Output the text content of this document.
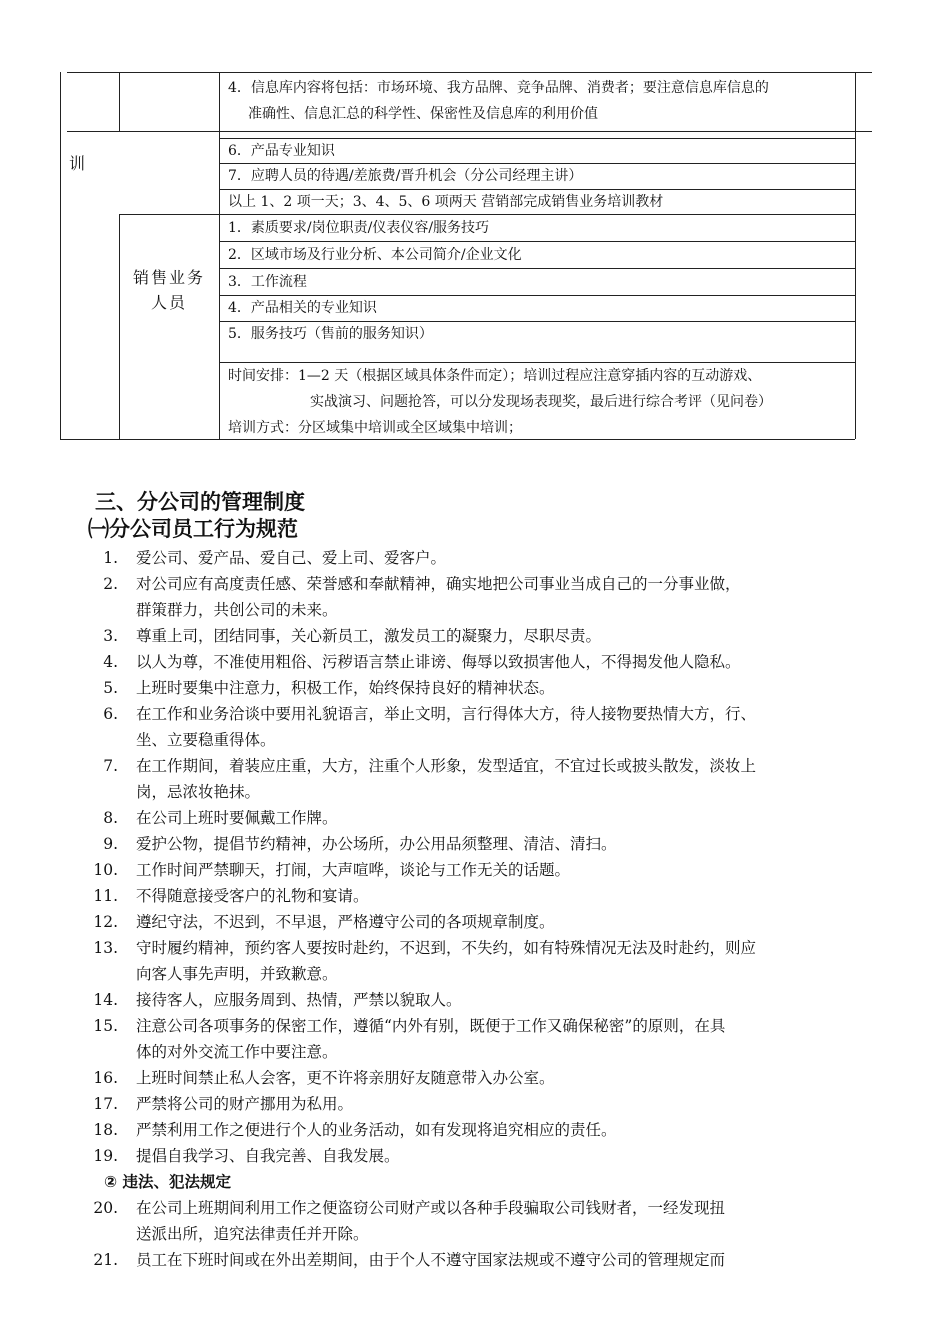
训
销售业务
人员
4．信息库内容将包括：市场环境、我方品牌、竞争品牌、消费者；要注意信息库信息的
准确性、信息汇总的科学性、保密性及信息库的利用价值
6．产品专业知识
7．应聘人员的待遇/差旅费/晋升机会（分公司经理主讲）
以上 1、2 项一天；3、4、5、6 项两天 营销部完成销售业务培训教材
1．素质要求/岗位职责/仪表仪容/服务技巧
2．区域市场及行业分析、本公司简介/企业文化
3．工作流程
4．产品相关的专业知识
5．服务技巧（售前的服务知识）
时间安排：1—2 天（根据区域具体条件而定）；培训过程应注意穿插内容的互动游戏、
实战演习、问题抢答，可以分发现场表现奖，最后进行综合考评（见问卷）
培训方式：分区域集中培训或全区域集中培训；
三、分公司的管理制度
㈠分公司员工行为规范
1. 爱公司、爱产品、爱自己、爱上司、爱客户。
2. 对公司应有高度责任感、荣誉感和奉献精神，确实地把公司事业当成自己的一分事业做，
群策群力，共创公司的未来。
3. 尊重上司，团结同事，关心新员工，激发员工的凝聚力，尽职尽责。
4. 以人为尊，不准使用粗俗、污秽语言禁止诽谤、侮辱以致损害他人，不得揭发他人隐私。
5. 上班时要集中注意力，积极工作，始终保持良好的精神状态。
6. 在工作和业务洽谈中要用礼貌语言，举止文明，言行得体大方，待人接物要热情大方，行、
坐、立要稳重得体。
7. 在工作期间，着装应庄重，大方，注重个人形象，发型适宜，不宜过长或披头散发，淡妆上
岗，忌浓妆艳抹。
8. 在公司上班时要佩戴工作牌。
9. 爱护公物，提倡节约精神，办公场所，办公用品须整理、清洁、清扫。
10. 工作时间严禁聊天，打闹，大声喧哗，谈论与工作无关的话题。
11. 不得随意接受客户的礼物和宴请。
12. 遵纪守法，不迟到，不早退，严格遵守公司的各项规章制度。
13. 守时履约精神，预约客人要按时赴约，不迟到，不失约，如有特殊情况无法及时赴约，则应
向客人事先声明，并致歉意。
14. 接待客人，应服务周到、热情，严禁以貌取人。
15. 注意公司各项事务的保密工作，遵循“内外有别，既便于工作又确保秘密”的原则，在具
体的对外交流工作中要注意。
16. 上班时间禁止私人会客，更不许将亲朋好友随意带入办公室。
17. 严禁将公司的财产挪用为私用。
18. 严禁利用工作之便进行个人的业务活动，如有发现将追究相应的责任。
19. 提倡自我学习、自我完善、自我发展。
② 违法、犯法规定
20. 在公司上班期间利用工作之便盗窃公司财产或以各种手段骗取公司钱财者，一经发现扭
送派出所，追究法律责任并开除。
21. 员工在下班时间或在外出差期间，由于个人不遵守国家法规或不遵守公司的管理规定而
